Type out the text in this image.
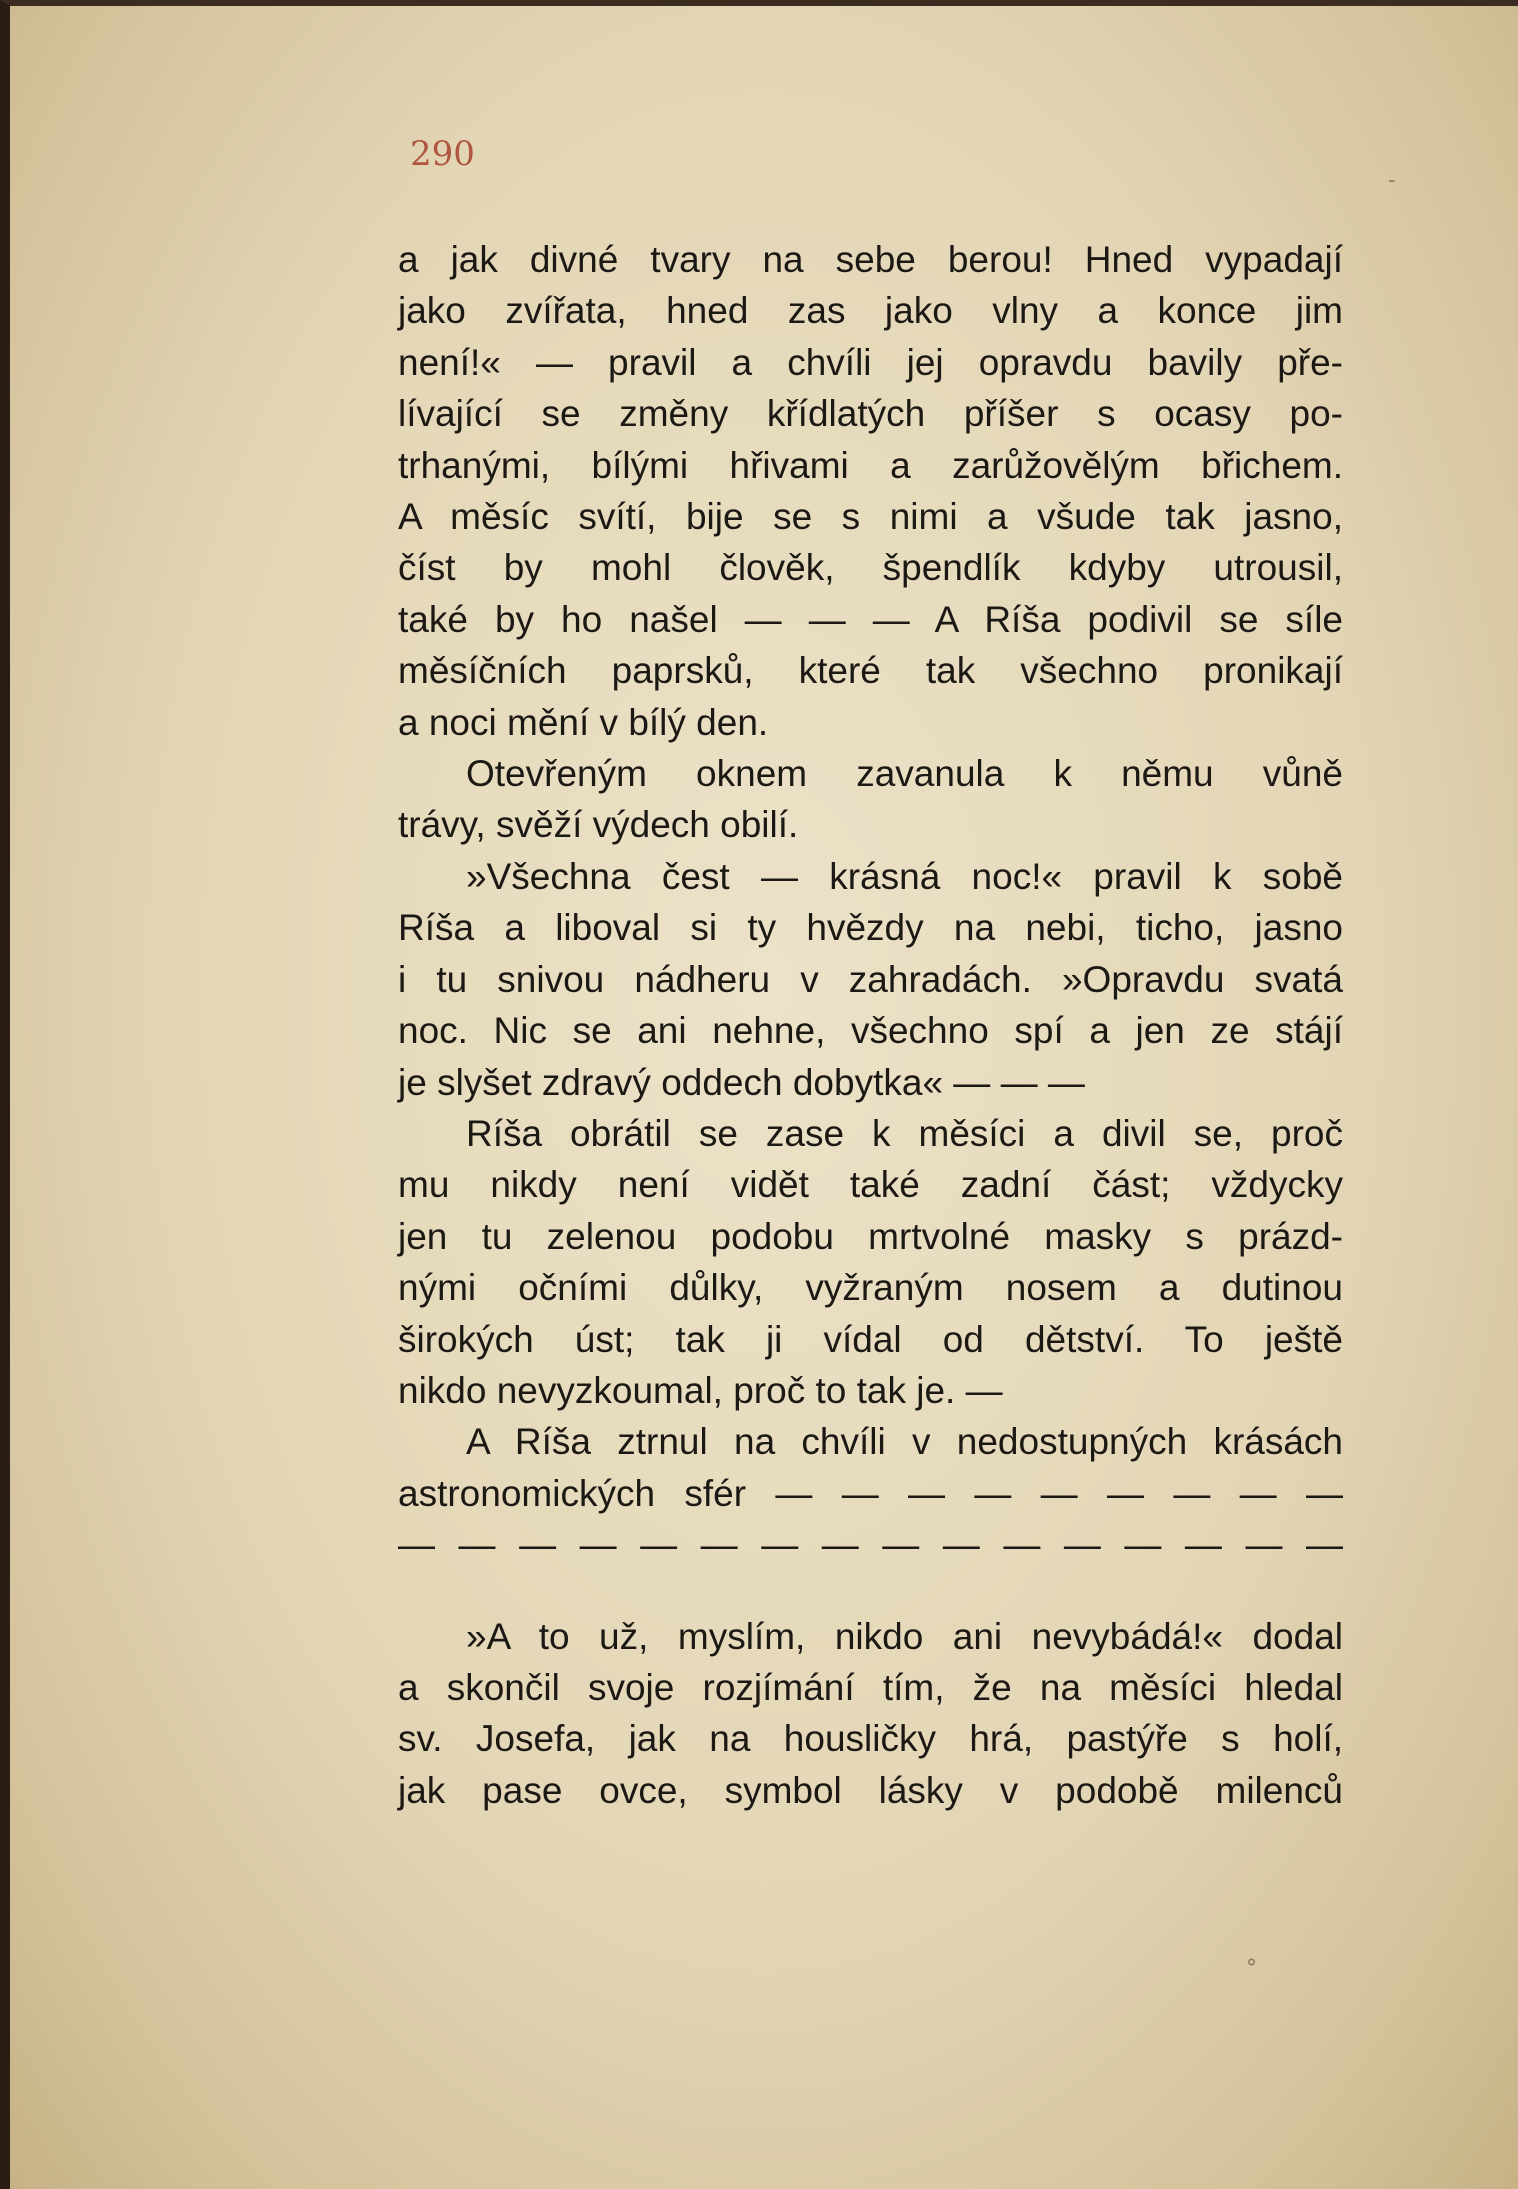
290
a jak divné tvary na sebe berou! Hned vypadají
jako zvířata, hned zas jako vlny a konce jim
není!« — pravil a chvíli jej opravdu bavily pře-
lívající se změny křídlatých příšer s ocasy po-
trhanými, bílými hřivami a zarůžovělým břichem.
A měsíc svítí, bije se s nimi a všude tak jasno,
číst by mohl člověk, špendlík kdyby utrousil,
také by ho našel — — — A Ríša podivil se síle
měsíčních paprsků, které tak všechno pronikají
a noci mění v bílý den.
Otevřeným oknem zavanula k němu vůně
trávy, svěží výdech obilí.
»Všechna čest — krásná noc!« pravil k sobě
Ríša a liboval si ty hvězdy na nebi, ticho, jasno
i tu snivou nádheru v zahradách. »Opravdu svatá
noc. Nic se ani nehne, všechno spí a jen ze stájí
je slyšet zdravý oddech dobytka« — — —
Ríša obrátil se zase k měsíci a divil se, proč
mu nikdy není vidět také zadní část; vždycky
jen tu zelenou podobu mrtvolné masky s prázd-
nými očními důlky, vyžraným nosem a dutinou
širokých úst; tak ji vídal od dětství. To ještě
nikdo nevyzkoumal, proč to tak je. —
A Ríša ztrnul na chvíli v nedostupných krásách
astronomických sfér — — — — — — — — —
— — — — — — — — — — — — — — — —
»A to už, myslím, nikdo ani nevybádá!« dodal
a skončil svoje rozjímání tím, že na měsíci hledal
sv. Josefa, jak na housličky hrá, pastýře s holí,
jak pase ovce, symbol lásky v podobě milenců
-
°
